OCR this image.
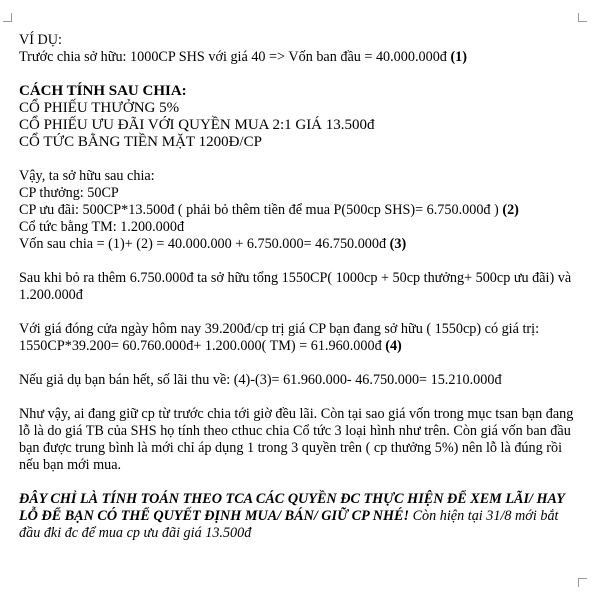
VÍ DỤ:
Trước chia sở hữu: 1000CP SHS với giá 40 => Vốn ban đầu = 40.000.000đ (1)
CÁCH TÍNH SAU CHIA:
CỔ PHIẾU THƯỞNG 5%
CỔ PHIẾU ƯU ĐÃI VỚI QUYỀN MUA 2:1 GIÁ 13.500đ
CỔ TỨC BẰNG TIỀN MẶT 1200Đ/CP
Vậy, ta sở hữu sau chia:
CP thưởng: 50CP
CP ưu đãi: 500CP*13.500đ ( phải bỏ thêm tiền để mua P(500cp SHS)= 6.750.000đ ) (2)
Cổ tức bằng TM: 1.200.000đ
Vốn sau chia = (1)+ (2) = 40.000.000 + 6.750.000= 46.750.000đ (3)
Sau khi bỏ ra thêm 6.750.000đ ta sở hữu tổng 1550CP( 1000cp + 50cp thưởng+ 500cp ưu đãi) và 1.200.000đ
Với giá đóng cửa ngày hôm nay 39.200đ/cp trị giá CP bạn đang sở hữu ( 1550cp) có giá trị: 1550CP*39.200= 60.760.000đ+ 1.200.000( TM) = 61.960.000đ (4)
Nếu giả dụ bạn bán hết, số lãi thu về: (4)-(3)= 61.960.000- 46.750.000= 15.210.000đ
Như vậy, ai đang giữ cp từ trước chia tới giờ đều lãi. Còn tại sao giá vốn trong mục tsan bạn đang lỗ là do giá TB của SHS họ tính theo cthuc chia Cổ tức 3 loại hình như trên. Còn giá vốn ban đầu bạn được trung bình là mới chỉ áp dụng 1 trong 3 quyền trên ( cp thưởng 5%) nên lỗ là đúng rồi nếu bạn mới mua.
ĐÂY CHỈ LÀ TÍNH TOÁN THEO TCA CÁC QUYỀN ĐC THỰC HIỆN ĐỂ XEM LÃI/ HAY LỖ ĐỂ BẠN CÓ THỂ QUYẾT ĐỊNH MUA/ BÁN/ GIỮ CP NHÉ! Còn hiện tại 31/8 mới bắt đầu đki đc để mua cp ưu đãi giá 13.500đ
